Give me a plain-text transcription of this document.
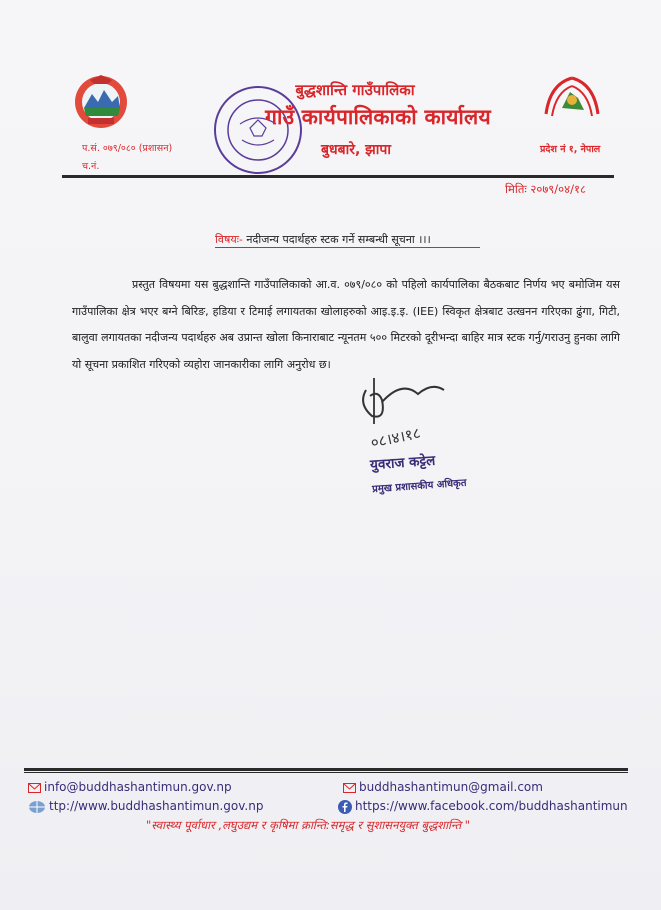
बुद्धशान्ति गाउँपालिका
गाउँ कार्यपालिकाको कार्यालय
बुधबारे, झापा
प.सं. ०७९/०८० (प्रशासन)
च.नं.
प्रदेश नं १, नेपाल
मितिः २०७९/०४/१८
विषयः- नदीजन्य पदार्थहरु स्टक गर्ने सम्बन्धी सूचना ।।।
प्रस्तुत विषयमा यस बुद्धशान्ति गाउँपालिकाको आ.व. ०७९/०८० को पहिलो कार्यपालिका बैठकबाट निर्णय भए बमोजिम यस गाउँपालिका क्षेत्र भएर बग्ने बिरिङ, हडिया र टिमाई लगायतका खोलाहरुको आइ.इ.इ. (IEE) स्विकृत क्षेत्रबाट उत्खनन गरिएका ढुंगा, गिटी, बालुवा लगायतका नदीजन्य पदार्थहरु अब उप्रान्त खोला किनाराबाट न्यूनतम ५०० मिटरको दूरीभन्दा बाहिर मात्र स्टक गर्नु/गराउनु हुनका लागि यो सूचना प्रकाशित गरिएको व्यहोरा जानकारीका लागि अनुरोध छ।
०८।४।१८
युवराज कट्टेल
प्रमुख प्रशासकीय अधिकृत
info@buddhashantimun.gov.np
ttp://www.buddhashantimun.gov.np
buddhashantimun@gmail.com
https://www.facebook.com/buddhashantimun
"स्वास्थ्य पूर्वाधार ,लघुउद्यम र कृषिमा क्रान्ति:समृद्ध र सुशासनयुक्त बुद्धशान्ति "
